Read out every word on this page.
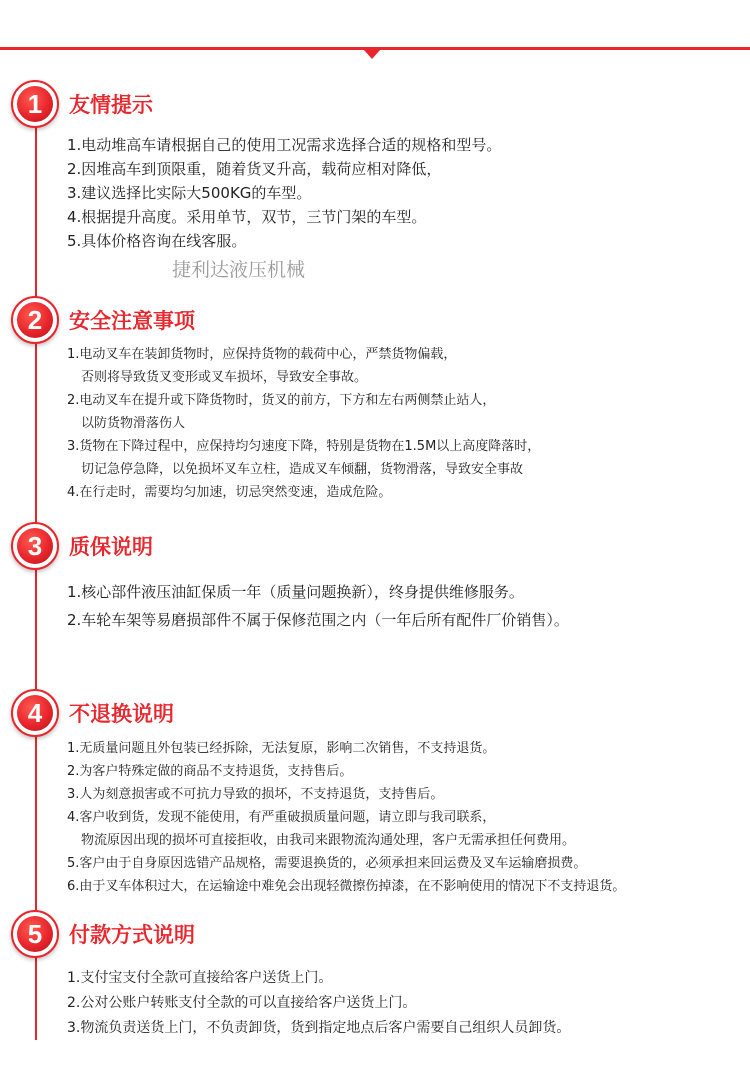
1	友情提示
1.电动堆高车请根据自己的使用工况需求选择合适的规格和型号。
2.因堆高车到顶限重，随着货叉升高，载荷应相对降低，
3.建议选择比实际大500KG的车型。
4.根据提升高度。采用单节，双节，三节门架的车型。
5.具体价格咨询在线客服。
捷利达液压机械
2	安全注意事项
1.电动叉车在装卸货物时，应保持货物的载荷中心，严禁货物偏载，
否则将导致货叉变形或叉车损坏，导致安全事故。
2.电动叉车在提升或下降货物时，货叉的前方，下方和左右两侧禁止站人，
以防货物滑落伤人
3.货物在下降过程中，应保持均匀速度下降，特别是货物在1.5M以上高度降落时，
切记急停急降，以免损坏叉车立柱，造成叉车倾翻，货物滑落，导致安全事故
4.在行走时，需要均匀加速，切忌突然变速，造成危险。
3	质保说明
1.核心部件液压油缸保质一年（质量问题换新），终身提供维修服务。
2.车轮车架等易磨损部件不属于保修范围之内（一年后所有配件厂价销售）。
4	不退换说明
1.无质量问题且外包装已经拆除，无法复原，影响二次销售，不支持退货。
2.为客户特殊定做的商品不支持退货，支持售后。
3.人为刻意损害或不可抗力导致的损坏，不支持退货，支持售后。
4.客户收到货，发现不能使用，有严重破损质量问题，请立即与我司联系，
物流原因出现的损坏可直接拒收，由我司来跟物流沟通处理，客户无需承担任何费用。
5.客户由于自身原因选错产品规格，需要退换货的，必须承担来回运费及叉车运输磨损费。
6.由于叉车体积过大，在运输途中难免会出现轻微擦伤掉漆，在不影响使用的情况下不支持退货。
5	付款方式说明
1.支付宝支付全款可直接给客户送货上门。
2.公对公账户转账支付全款的可以直接给客户送货上门。
3.物流负责送货上门，不负责卸货，货到指定地点后客户需要自己组织人员卸货。
